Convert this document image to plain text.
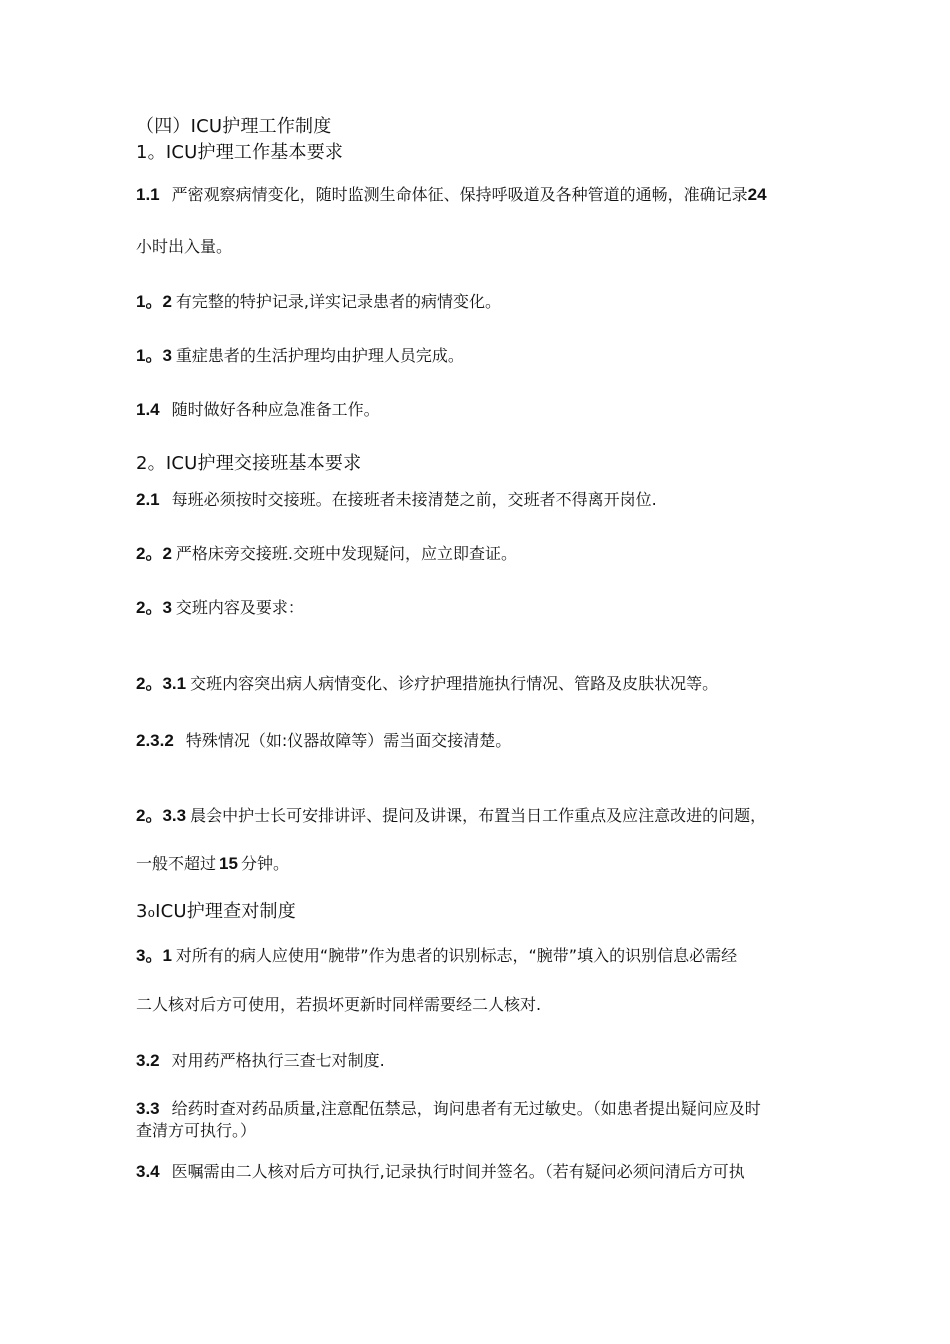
（四）ICU护理工作制度
1。ICU护理工作基本要求
1.1 严密观察病情变化，随时监测生命体征、保持呼吸道及各种管道的通畅，准确记录24
小时出入量。
1。2 有完整的特护记录,详实记录患者的病情变化。
1。3 重症患者的生活护理均由护理人员完成。
1.4 随时做好各种应急准备工作。
2。ICU护理交接班基本要求
2.1 每班必须按时交接班。在接班者未接清楚之前，交班者不得离开岗位.
2。2 严格床旁交接班.交班中发现疑问，应立即查证。
2。3 交班内容及要求：
2。3.1 交班内容突出病人病情变化、诊疗护理措施执行情况、管路及皮肤状况等。
2.3.2 特殊情况（如:仪器故障等）需当面交接清楚。
2。3.3 晨会中护士长可安排讲评、提问及讲课，布置当日工作重点及应注意改进的问题，
一般不超过 15 分钟。
3₀ICU护理查对制度
3。1 对所有的病人应使用“腕带”作为患者的识别标志，“腕带”填入的识别信息必需经
二人核对后方可使用，若损坏更新时同样需要经二人核对.
3.2 对用药严格执行三查七对制度.
3.3 给药时查对药品质量,注意配伍禁忌，询问患者有无过敏史。（如患者提出疑问应及时
查清方可执行。）
3.4 医嘱需由二人核对后方可执行,记录执行时间并签名。（若有疑问必须问清后方可执
